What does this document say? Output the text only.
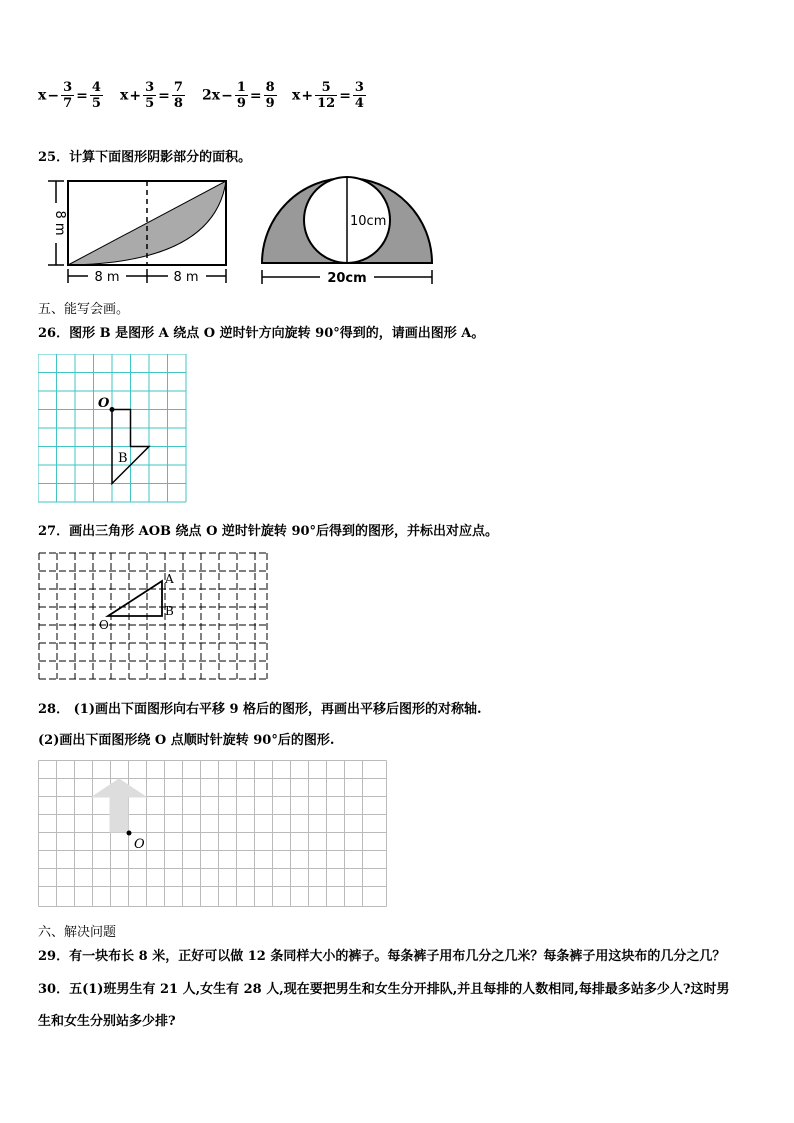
$x- \frac{3}{7} = \frac{4}{5} x+ \frac{3}{5} = \frac{7}{8} 2x- \frac{1}{9} = \frac{8}{9} x+ \frac{5}{12} = \frac{3}{4}$
25．计算下面图形阴影部分的面积。
8 m
8 m	8 m
10cm
20cm
五、能写会画。
26．图形 B 是图形 A 绕点 O 逆时针方向旋转 90°得到的，请画出图形 A。
O
B
27．画出三角形 AOB 绕点 O 逆时针旋转 90°后得到的图形，并标出对应点。
A
B
O
28． (1)画出下面图形向右平移 9 格后的图形，再画出平移后图形的对称轴.
(2)画出下面图形绕 O 点顺时针旋转 90°后的图形.
O
六、解决问题
29．有一块布长 8 米，正好可以做 12 条同样大小的裤子。每条裤子用布几分之几米？每条裤子用这块布的几分之几？
30．五(1)班男生有 21 人,女生有 28 人,现在要把男生和女生分开排队,并且每排的人数相同,每排最多站多少人?这时男
生和女生分别站多少排?
